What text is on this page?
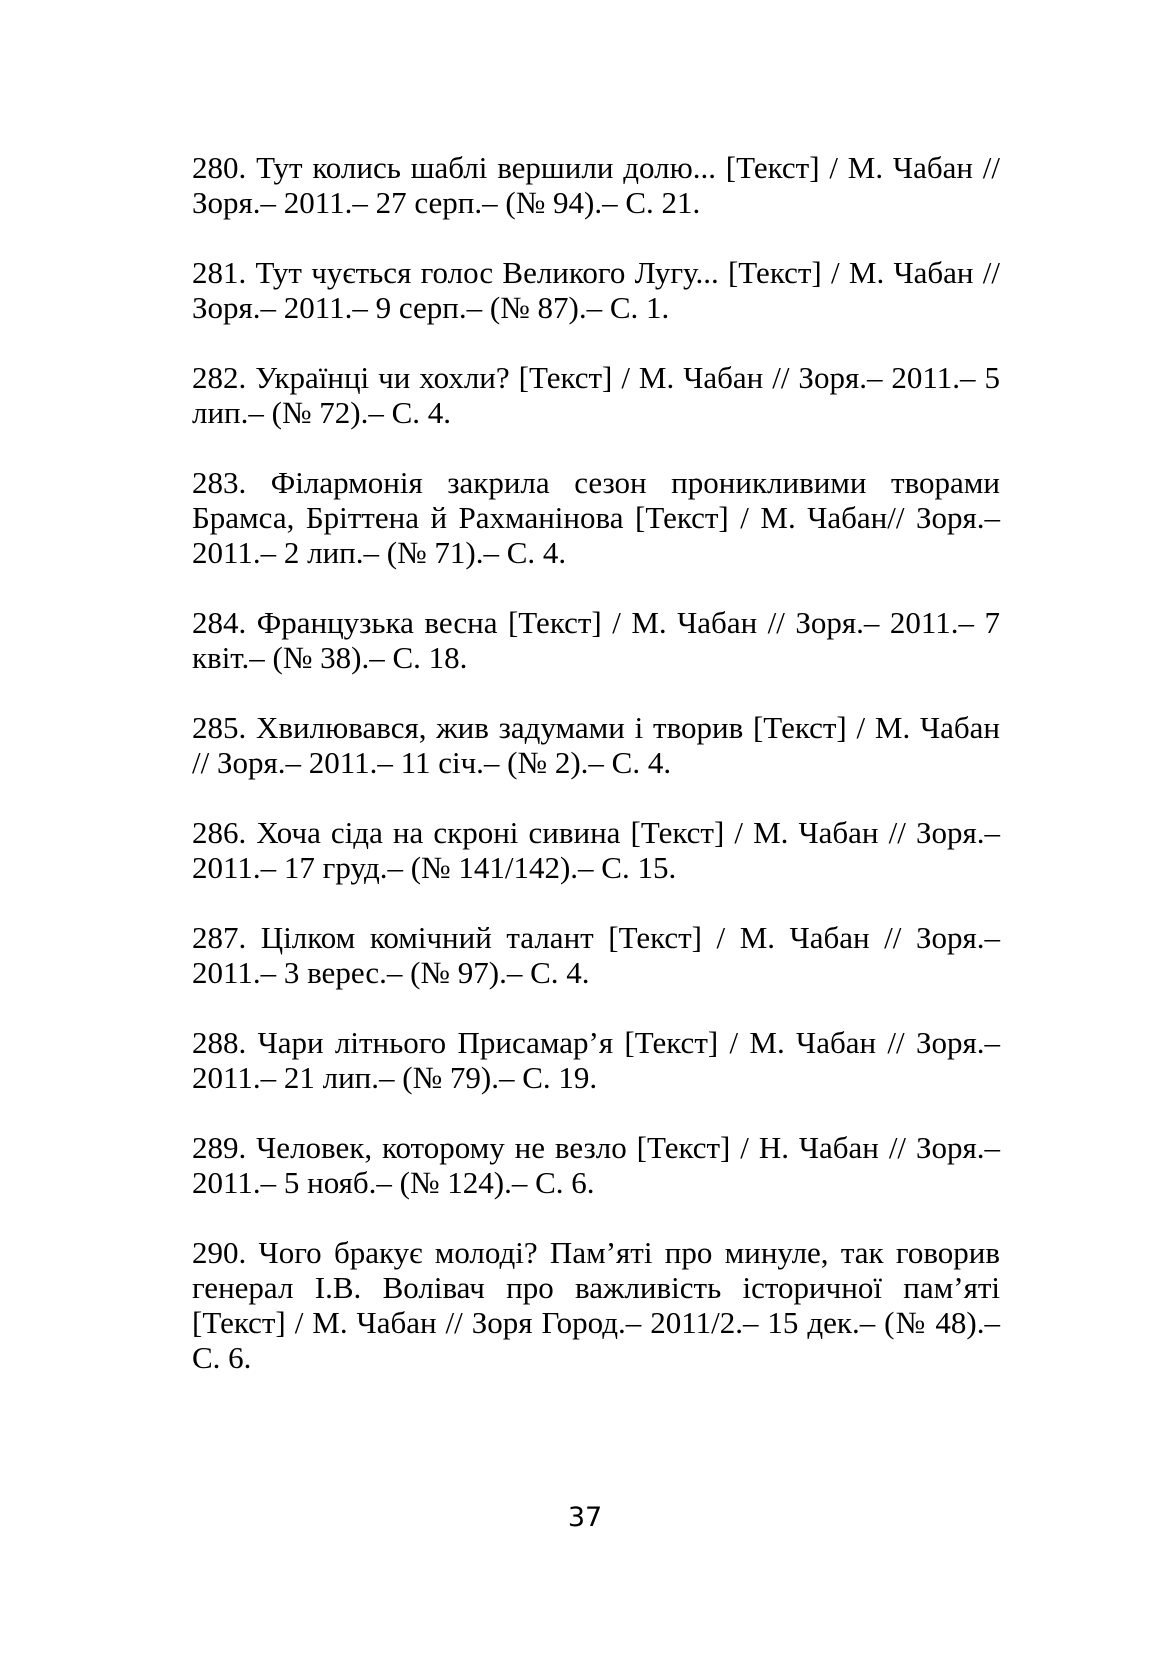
280. Тут колись шаблі вершили долю... [Текст] / М. Чабан // Зоря.– 2011.– 27 серп.– (№ 94).– С. 21.
281. Тут чується голос Великого Лугу... [Текст] / М. Чабан // Зоря.– 2011.– 9 серп.– (№ 87).– С. 1.
282. Українці чи хохли? [Текст] / М. Чабан // Зоря.– 2011.– 5 лип.– (№ 72).– С. 4.
283. Філармонія закрила сезон проникливими творами Брамса, Бріттена й Рахманінова [Текст] / М. Чабан// Зоря.– 2011.– 2 лип.– (№ 71).– С. 4.
284. Французька весна [Текст] / М. Чабан // Зоря.– 2011.– 7 квіт.– (№ 38).– С. 18.
285. Хвилювався, жив задумами і творив [Текст] / М. Чабан // Зоря.– 2011.– 11 січ.– (№ 2).– С. 4.
286. Хоча сіда на скроні сивина [Текст] / М. Чабан // Зоря.– 2011.– 17 груд.– (№ 141/142).– С. 15.
287. Цілком комічний талант [Текст] / М. Чабан // Зоря.– 2011.– 3 верес.– (№ 97).– С. 4.
288. Чари літнього Присамар’я [Текст] / М. Чабан // Зоря.– 2011.– 21 лип.– (№ 79).– С. 19.
289. Человек, которому не везло [Текст] / Н. Чабан // Зоря.– 2011.– 5 нояб.– (№ 124).– С. 6.
290. Чого бракує молоді? Пам’яті про минуле, так говорив генерал І.В. Волівач про важливість історичної пам’яті [Текст] / М. Чабан // Зоря Город.– 2011/2.– 15 дек.– (№ 48).– С. 6.
37
